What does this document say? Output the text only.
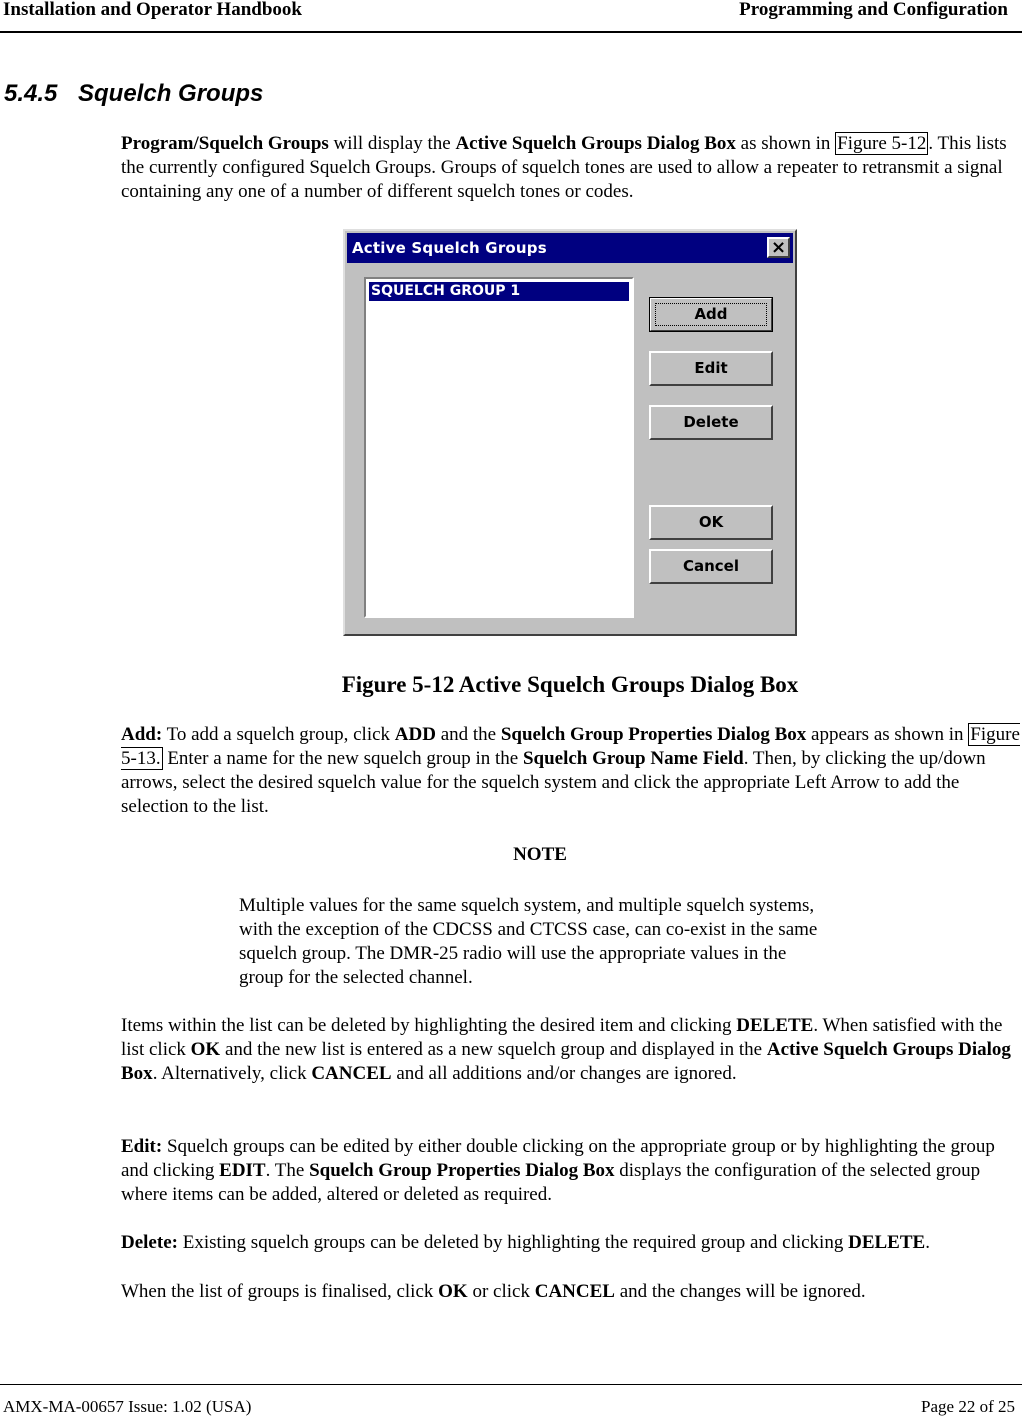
Installation and Operator Handbook	Programming and Configuration
5.4.5 Squelch Groups

Program/Squelch Groups will display the Active Squelch Groups Dialog Box as shown in Figure 5-12 . This lists the currently configured Squelch Groups. Groups of squelch tones are used to allow a repeater to retransmit a signal containing any one of a number of different squelch tones or codes.

Active Squelch Groups	×
SQUELCH GROUP 1
Add
Edit
Delete
OK
Cancel
Figure 5-12 Active Squelch Groups Dialog Box

Add: To add a squelch group, click ADD and the Squelch Group Properties Dialog Box appears as shown in Figure 5-13. Enter a name for the new squelch group in the Squelch Group Name Field. Then, by clicking the up/down arrows, select the desired squelch value for the squelch system and click the appropriate Left Arrow to add the selection to the list.

NOTE

Multiple values for the same squelch system, and multiple squelch systems, with the exception of the CDCSS and CTCSS case, can co-exist in the same squelch group. The DMR-25 radio will use the appropriate values in the group for the selected channel.

Items within the list can be deleted by highlighting the desired item and clicking DELETE. When satisfied with the list click OK and the new list is entered as a new squelch group and displayed in the Active Squelch Groups Dialog Box. Alternatively, click CANCEL and all additions and/or changes are ignored.

Edit: Squelch groups can be edited by either double clicking on the appropriate group or by highlighting the group and clicking EDIT. The Squelch Group Properties Dialog Box displays the configuration of the selected group where items can be added, altered or deleted as required.

Delete: Existing squelch groups can be deleted by highlighting the required group and clicking DELETE.

When the list of groups is finalised, click OK or click CANCEL and the changes will be ignored.

AMX-MA-00657 Issue: 1.02 (USA)	Page 22 of 25
